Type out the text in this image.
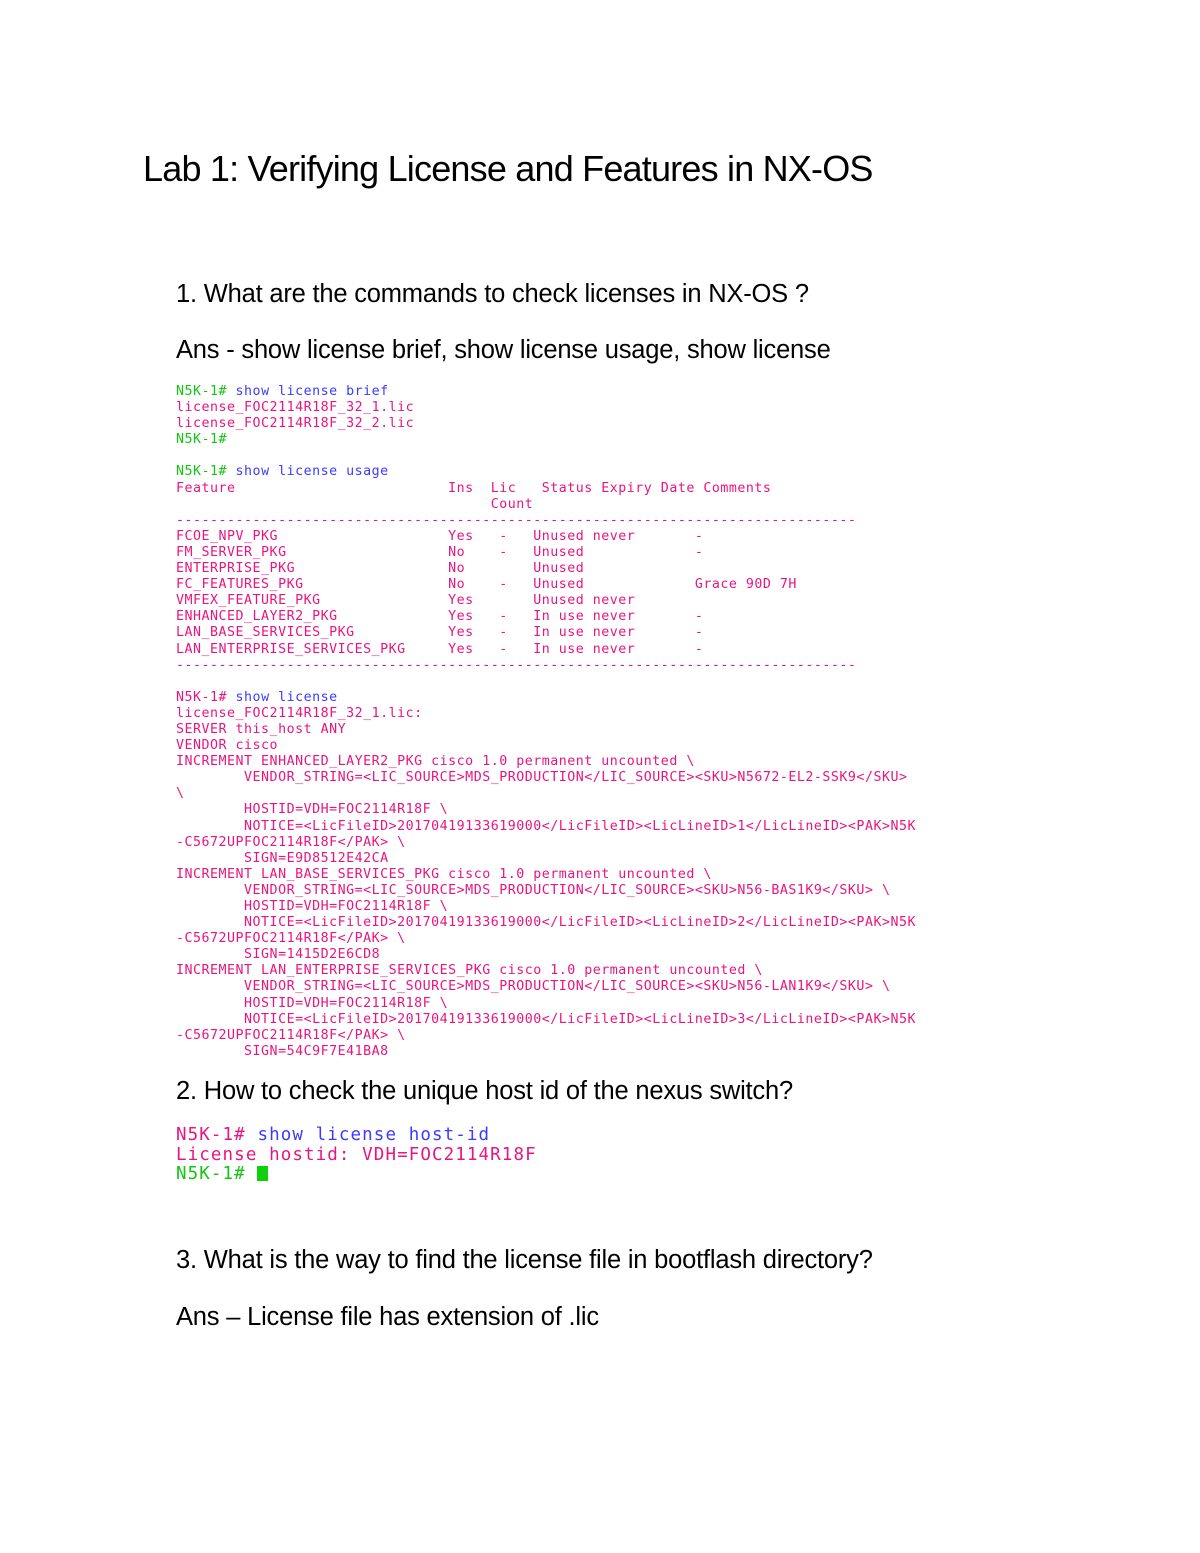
Lab 1: Verifying License and Features in NX-OS
1. What are the commands to check licenses in NX-OS ?
Ans - show license brief, show license usage, show license
N5K-1# show license brief
license_FOC2114R18F_32_1.lic
license_FOC2114R18F_32_2.lic
N5K-1#

N5K-1# show license usage
Feature                         Ins  Lic   Status Expiry Date Comments
Count
--------------------------------------------------------------------------------
FCOE_NPV_PKG                    Yes   -   Unused never       -
FM_SERVER_PKG                   No    -   Unused             -
ENTERPRISE_PKG                  No        Unused
FC_FEATURES_PKG                 No    -   Unused             Grace 90D 7H
VMFEX_FEATURE_PKG               Yes       Unused never
ENHANCED_LAYER2_PKG             Yes   -   In use never       -
LAN_BASE_SERVICES_PKG           Yes   -   In use never       -
LAN_ENTERPRISE_SERVICES_PKG     Yes   -   In use never       -
--------------------------------------------------------------------------------

N5K-1# show license
license_FOC2114R18F_32_1.lic:
SERVER this_host ANY
VENDOR cisco
INCREMENT ENHANCED_LAYER2_PKG cisco 1.0 permanent uncounted \
VENDOR_STRING=<LIC_SOURCE>MDS_PRODUCTION</LIC_SOURCE><SKU>N5672-EL2-SSK9</SKU>
\
HOSTID=VDH=FOC2114R18F \
NOTICE=<LicFileID>20170419133619000</LicFileID><LicLineID>1</LicLineID><PAK>N5K
-C5672UPFOC2114R18F</PAK> \
SIGN=E9D8512E42CA
INCREMENT LAN_BASE_SERVICES_PKG cisco 1.0 permanent uncounted \
VENDOR_STRING=<LIC_SOURCE>MDS_PRODUCTION</LIC_SOURCE><SKU>N56-BAS1K9</SKU> \
HOSTID=VDH=FOC2114R18F \
NOTICE=<LicFileID>20170419133619000</LicFileID><LicLineID>2</LicLineID><PAK>N5K
-C5672UPFOC2114R18F</PAK> \
SIGN=1415D2E6CD8
INCREMENT LAN_ENTERPRISE_SERVICES_PKG cisco 1.0 permanent uncounted \
VENDOR_STRING=<LIC_SOURCE>MDS_PRODUCTION</LIC_SOURCE><SKU>N56-LAN1K9</SKU> \
HOSTID=VDH=FOC2114R18F \
NOTICE=<LicFileID>20170419133619000</LicFileID><LicLineID>3</LicLineID><PAK>N5K
-C5672UPFOC2114R18F</PAK> \
SIGN=54C9F7E41BA8
2. How to check the unique host id of the nexus switch?
N5K-1# show license host-id
License hostid: VDH=FOC2114R18F
N5K-1#
3. What is the way to find the license file in bootflash directory?
Ans – License file has extension of .lic
